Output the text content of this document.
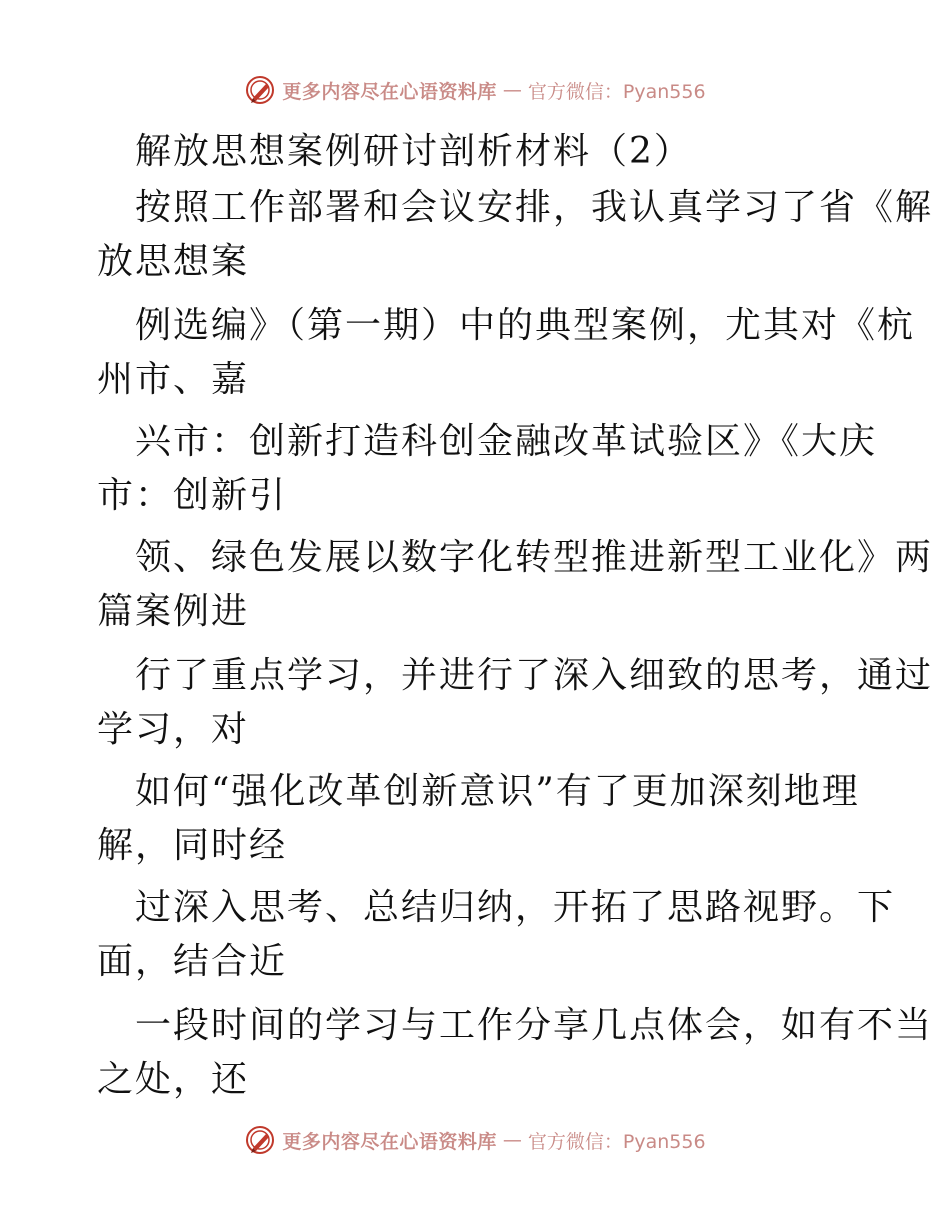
更多内容尽在心语资料库 — 官方微信：Pyan556
解放思想案例研讨剖析材料（2）
按照工作部署和会议安排，我认真学习了省《解
放思想案
例选编》（第一期）中的典型案例，尤其对《杭
州市、嘉
兴市：创新打造科创金融改革试验区》《大庆
市：创新引
领、绿色发展以数字化转型推进新型工业化》两
篇案例进
行了重点学习，并进行了深入细致的思考，通过
学习，对
如何“强化改革创新意识”有了更加深刻地理
解，同时经
过深入思考、总结归纳，开拓了思路视野。下
面，结合近
一段时间的学习与工作分享几点体会，如有不当
之处，还
更多内容尽在心语资料库 — 官方微信：Pyan556
